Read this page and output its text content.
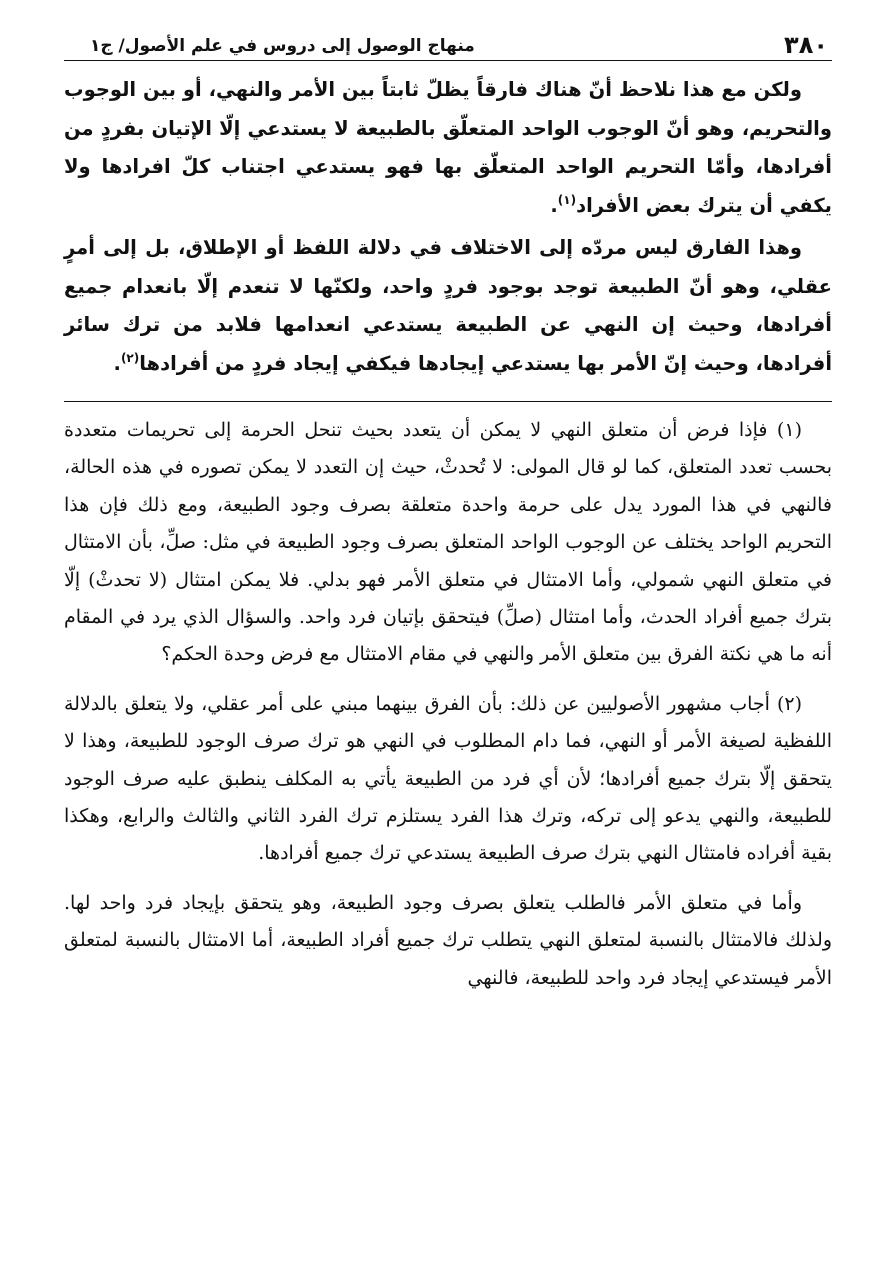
٣٨٠
منهاج الوصول إلى دروس في علم الأصول/ ج١

ولكن مع هذا نلاحظ أنّ هناك فارقاً يظلّ ثابتاً بين الأمر والنهي، أو بين الوجوب والتحريم، وهو أنّ الوجوب الواحد المتعلّق بالطبيعة لا يستدعي إلّا الإتيان بفردٍ من أفرادها، وأمّا التحريم الواحد المتعلّق بها فهو يستدعي اجتناب كلّ افرادها ولا يكفي أن يترك بعض الأفراد$^{(١)}$.

وهذا الفارق ليس مردّه إلى الاختلاف في دلالة اللفظ أو الإطلاق، بل إلى أمرٍ عقلي، وهو أنّ الطبيعة توجد بوجود فردٍ واحد، ولكنّها لا تنعدم إلّا بانعدام جميع أفرادها، وحيث إن النهي عن الطبيعة يستدعي انعدامها فلابد من ترك سائر أفرادها، وحيث إنّ الأمر بها يستدعي إيجادها فيكفي إيجاد فردٍ من أفرادها$^{(٢)}$.

(١) فإذا فرض أن متعلق النهي لا يمكن أن يتعدد بحيث تنحل الحرمة إلى تحريمات متعددة بحسب تعدد المتعلق، كما لو قال المولى: لا تُحدثْ، حيث إن التعدد لا يمكن تصوره في هذه الحالة، فالنهي في هذا المورد يدل على حرمة واحدة متعلقة بصرف وجود الطبيعة، ومع ذلك فإن هذا التحريم الواحد يختلف عن الوجوب الواحد المتعلق بصرف وجود الطبيعة في مثل: صلِّ، بأن الامتثال في متعلق النهي شمولي، وأما الامتثال في متعلق الأمر فهو بدلي. فلا يمكن امتثال (لا تحدثْ) إلّا بترك جميع أفراد الحدث، وأما امتثال (صلِّ) فيتحقق بإتيان فرد واحد. والسؤال الذي يرد في المقام أنه ما هي نكتة الفرق بين متعلق الأمر والنهي في مقام الامتثال مع فرض وحدة الحكم؟

(٢) أجاب مشهور الأصوليين عن ذلك: بأن الفرق بينهما مبني على أمر عقلي، ولا يتعلق بالدلالة اللفظية لصيغة الأمر أو النهي، فما دام المطلوب في النهي هو ترك صرف الوجود للطبيعة، وهذا لا يتحقق إلّا بترك جميع أفرادها؛ لأن أي فرد من الطبيعة يأتي به المكلف ينطبق عليه صرف الوجود للطبيعة، والنهي يدعو إلى تركه، وترك هذا الفرد يستلزم ترك الفرد الثاني والثالث والرابع، وهكذا بقية أفراده فامتثال النهي بترك صرف الطبيعة يستدعي ترك جميع أفرادها.

وأما في متعلق الأمر فالطلب يتعلق بصرف وجود الطبيعة، وهو يتحقق بإيجاد فرد واحد لها. ولذلك فالامتثال بالنسبة لمتعلق النهي يتطلب ترك جميع أفراد الطبيعة، أما الامتثال بالنسبة لمتعلق الأمر فيستدعي إيجاد فرد واحد للطبيعة، فالنهي
